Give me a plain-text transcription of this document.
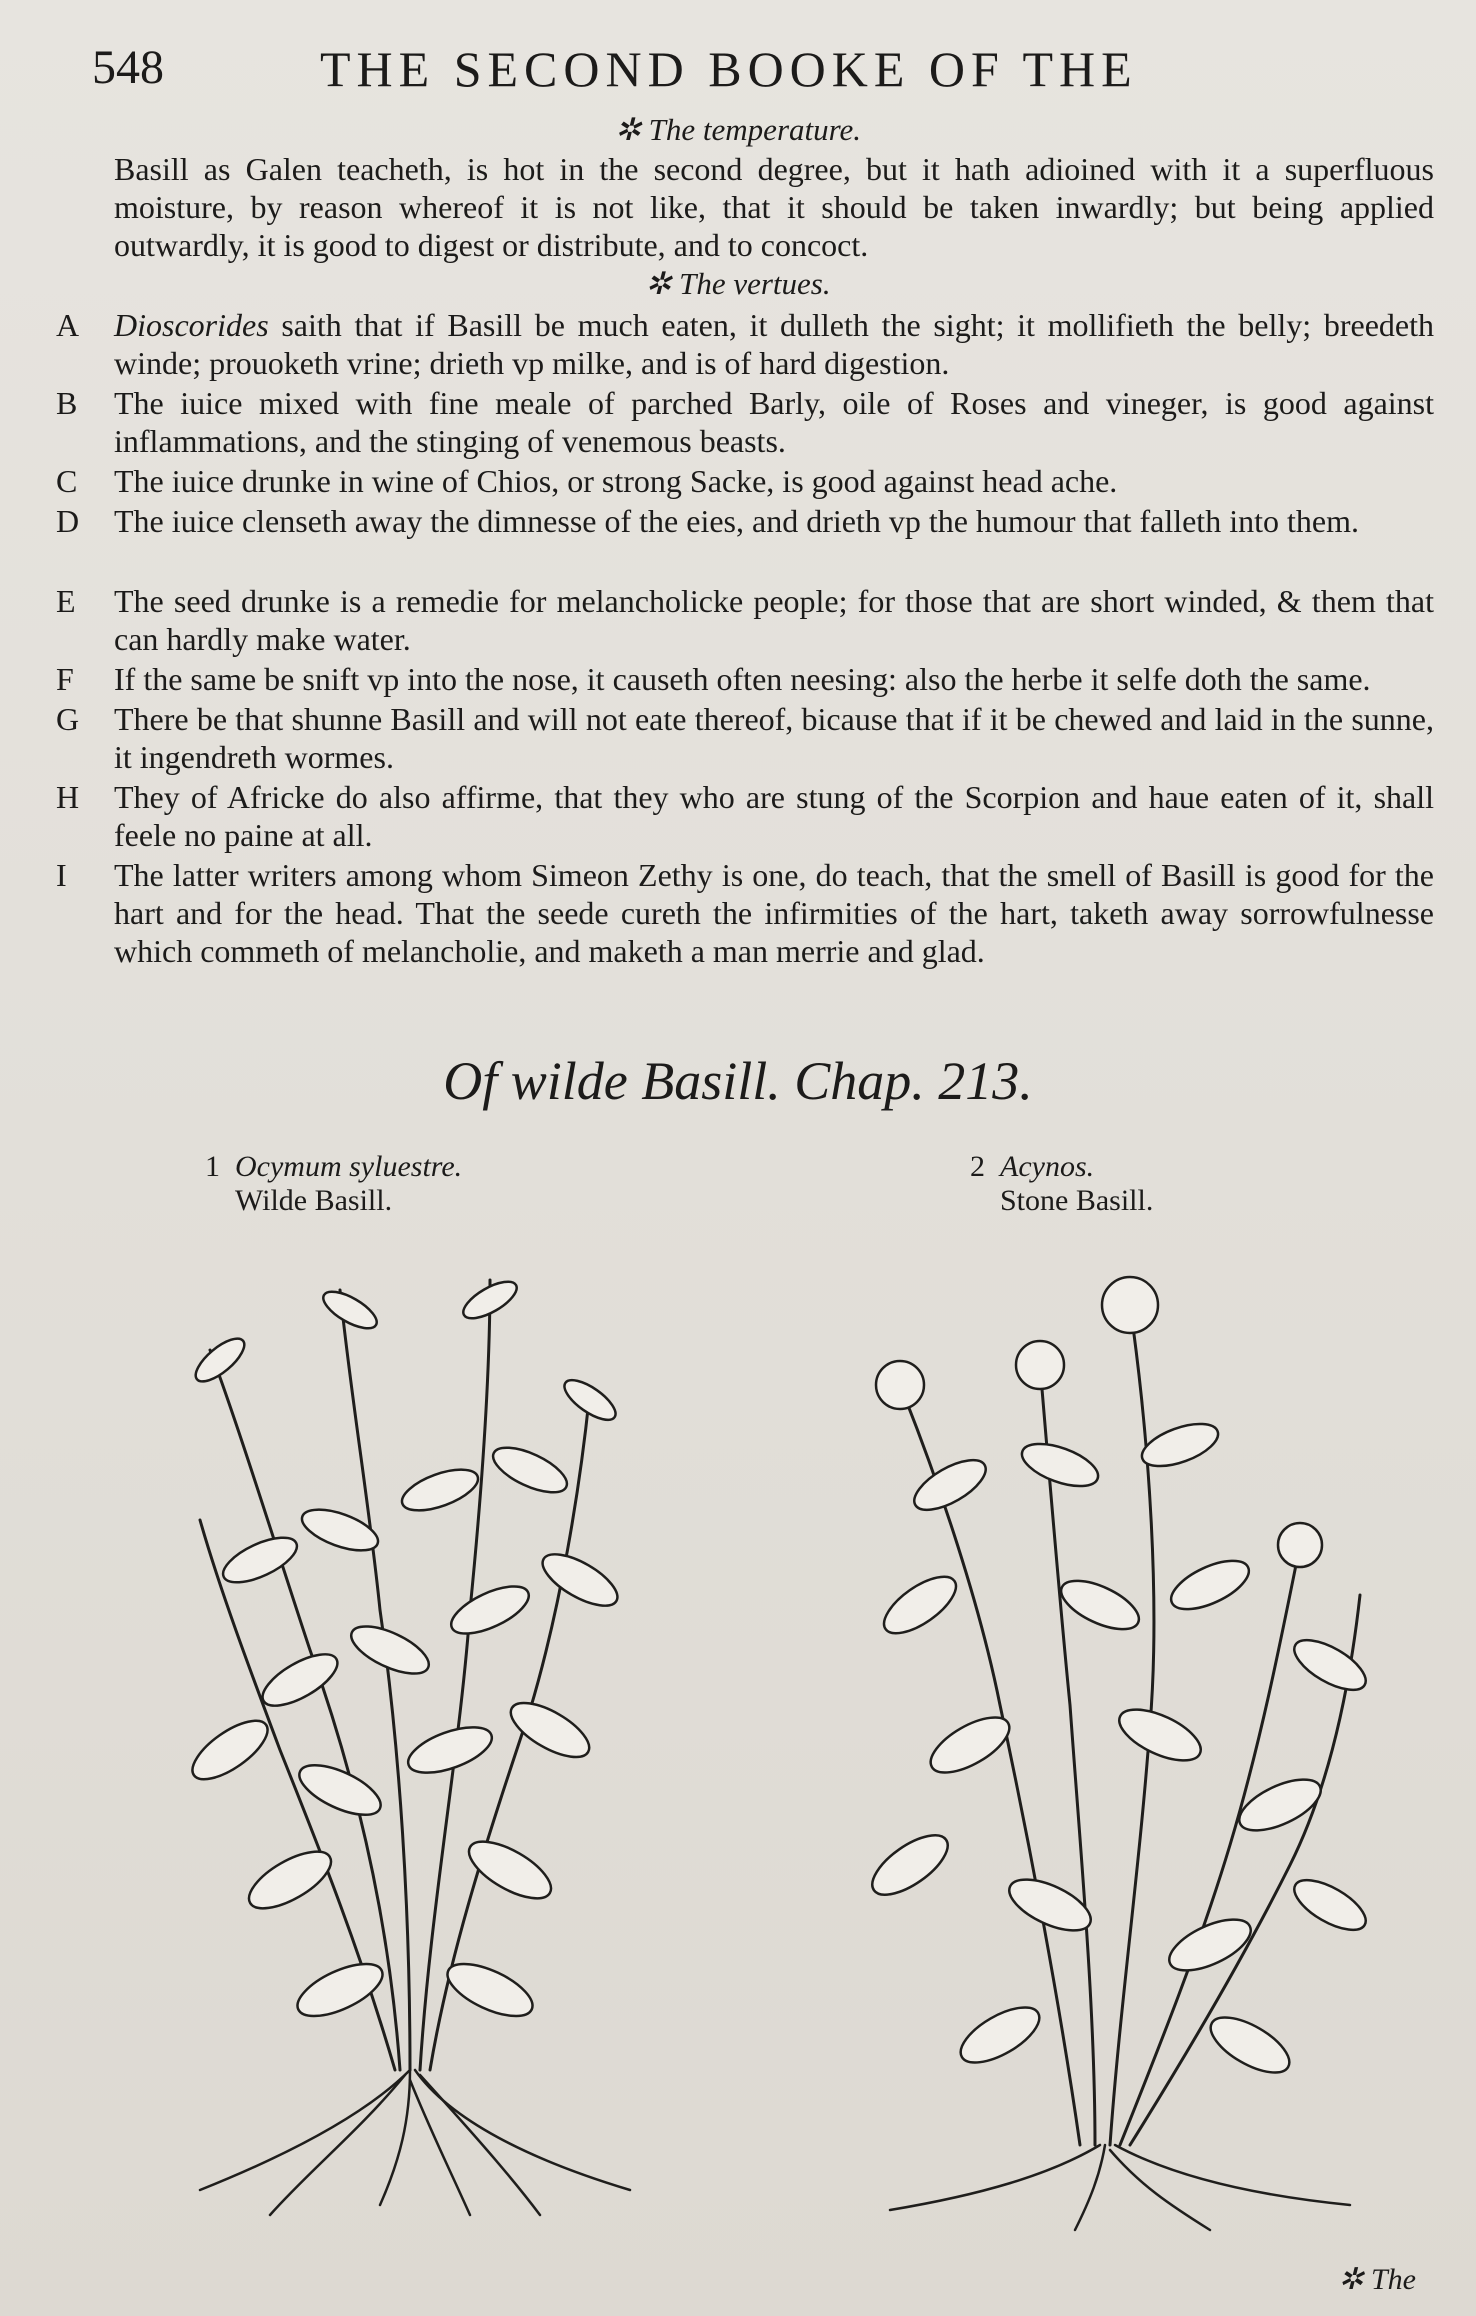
548	THE SECOND BOOKE OF THE
✲ The temperature.
Basill as Galen teacheth, is hot in the second degree, but it hath adioined with it a superfluous moisture, by reason whereof it is not like, that it should be taken inwardly; but being applied outwardly, it is good to digest or distribute, and to concoct.
✲ The vertues.
A Dioscorides saith that if Basill be much eaten, it dulleth the sight; it mollifieth the belly; breedeth winde; prouoketh vrine; drieth vp milke, and is of hard digestion.
B The iuice mixed with fine meale of parched Barly, oile of Roses and vineger, is good against inflammations, and the stinging of venemous beasts.
C The iuice drunke in wine of Chios, or strong Sacke, is good against head ache.
D The iuice clenseth away the dimnesse of the eies, and drieth vp the humour that falleth into them.
E The seed drunke is a remedie for melancholicke people; for those that are short winded, & them that can hardly make water.
F If the same be snift vp into the nose, it causeth often neesing: also the herbe it selfe doth the same.
G There be that shunne Basill and will not eate thereof, bicause that if it be chewed and laid in the sunne, it ingendreth wormes.
H They of Africke do also affirme, that they who are stung of the Scorpion and haue eaten of it, shall feele no paine at all.
I The latter writers among whom Simeon Zethy is one, do teach, that the smell of Basill is good for the hart and for the head. That the seede cureth the infirmities of the hart, taketh away sorrowfulnesse which commeth of melancholie, and maketh a man merrie and glad.
Of wilde Basill. Chap. 213.
1 Ocymum syluestre.
Wilde Basill.
2 Acynos.
Stone Basill.
✲ The
